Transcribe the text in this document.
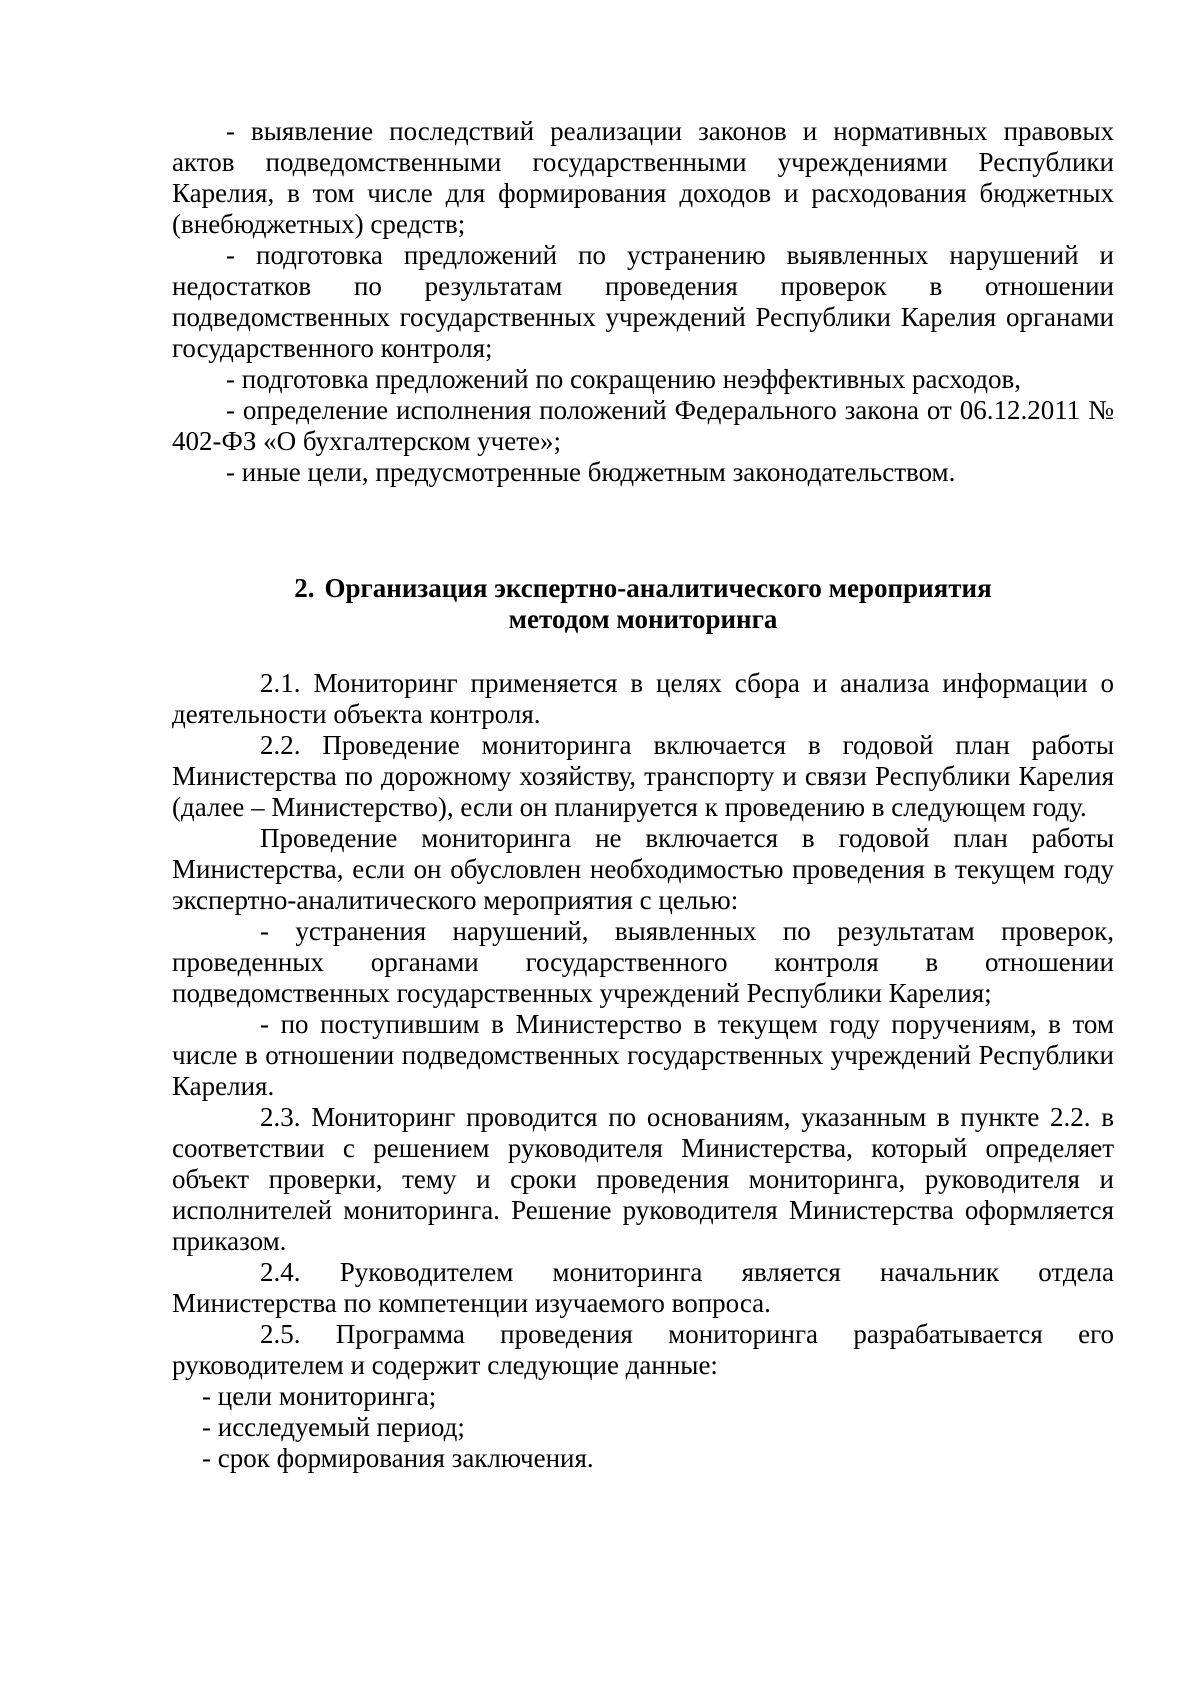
- выявление последствий реализации законов и нормативных правовых актов подведомственными государственными учреждениями Республики Карелия, в том числе для формирования доходов и расходования бюджетных (внебюджетных) средств;

- подготовка предложений по устранению выявленных нарушений и недостатков по результатам проведения проверок в отношении подведомственных государственных учреждений Республики Карелия органами государственного контроля;

- подготовка предложений по сокращению неэффективных расходов,

- определение исполнения положений Федерального закона от 06.12.2011 № 402-ФЗ «О бухгалтерском учете»;

- иные цели, предусмотренные бюджетным законодательством.

2. Организация экспертно-аналитического мероприятия
методом мониторинга

2.1. Мониторинг применяется в целях сбора и анализа информации о деятельности объекта контроля.

2.2. Проведение мониторинга включается в годовой план работы Министерства по дорожному хозяйству, транспорту и связи Республики Карелия (далее – Министерство), если он планируется к проведению в следующем году.

Проведение мониторинга не включается в годовой план работы Министерства, если он обусловлен необходимостью проведения в текущем году экспертно-аналитического мероприятия с целью:

- устранения нарушений, выявленных по результатам проверок, проведенных органами государственного контроля в отношении подведомственных государственных учреждений Республики Карелия;

- по поступившим в Министерство в текущем году поручениям, в том числе в отношении подведомственных государственных учреждений Республики Карелия.

2.3. Мониторинг проводится по основаниям, указанным в пункте 2.2. в соответствии с решением руководителя Министерства, который определяет объект проверки, тему и сроки проведения мониторинга, руководителя и исполнителей мониторинга. Решение руководителя Министерства оформляется приказом.

2.4. Руководителем мониторинга является начальник отдела Министерства по компетенции изучаемого вопроса.

2.5. Программа проведения мониторинга разрабатывается его руководителем и содержит следующие данные:

- цели мониторинга;

- исследуемый период;

- срок формирования заключения.
